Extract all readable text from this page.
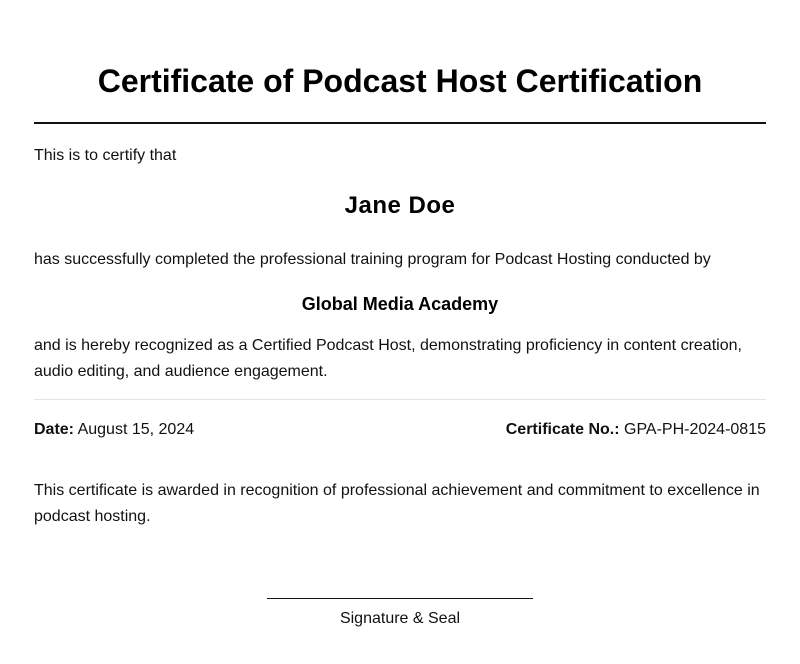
Certificate of Podcast Host Certification
This is to certify that
Jane Doe
has successfully completed the professional training program for Podcast Hosting conducted by
Global Media Academy
and is hereby recognized as a Certified Podcast Host, demonstrating proficiency in content creation, audio editing, and audience engagement.
Date: August 15, 2024	Certificate No.: GPA-PH-2024-0815
This certificate is awarded in recognition of professional achievement and commitment to excellence in podcast hosting.
Signature & Seal
